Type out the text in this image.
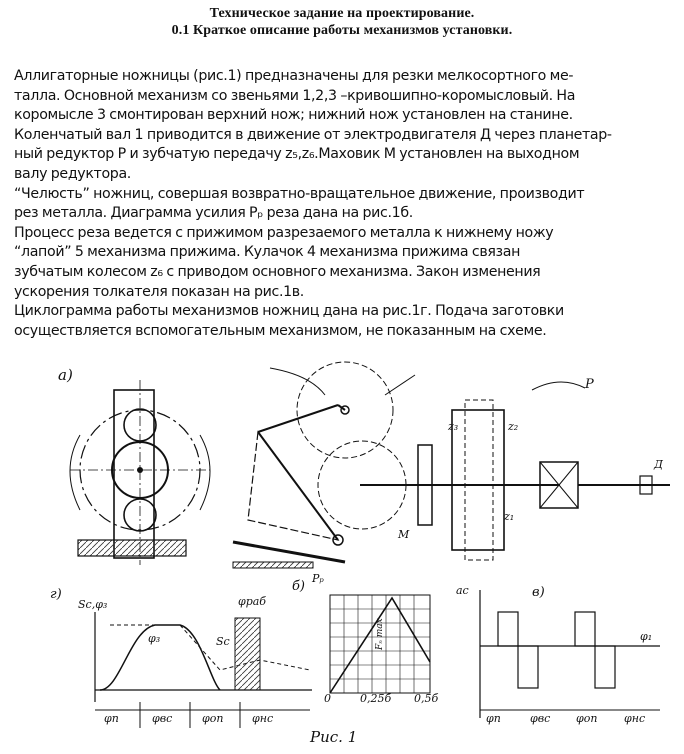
Техническое задание на проектирование.
0.1 Краткое описание работы механизмов установки.
Аллигаторные ножницы (рис.1) предназначены для резки мелкосортного ме-
талла. Основной механизм со звеньями 1,2,3 –кривошипно-коромысловый. На
коромысле 3 смонтирован верхний нож; нижний нож установлен на станине.
Коленчатый вал 1 приводится в движение от электродвигателя Д через планетар-
ный редуктор Р и зубчатую передачу z₅,z₆.Маховик М установлен на выходном
валу редуктора.
“Челюсть” ножниц, совершая возвратно-вращательное движение, производит
рез металла. Диаграмма усилия Pₚ реза дана на рис.1б.
Процесс реза ведется с прижимом разрезаемого металла к нижнему ножу
“лапой” 5 механизма прижима. Кулачок 4 механизма прижима связан
зубчатым колесом z₆ с приводом основного механизма. Закон изменения
ускорения толкателя показан на рис.1в.
Циклограмма работы механизмов ножниц дана на рис.1г. Подача заготовки
осуществляется вспомогательным механизмом, не показанным на схеме.
а)
P
Д
М
z₃	z₂
z₁
г)
Sc,φ₃	φраб
φ₃	Sс
φп	φвс	φоп	φнс
б)
Pₚ
Fₙ max
0	0,25б 0,5б
в)
aс
φ₁
φп	φвс φоп φнс
Рис. 1
